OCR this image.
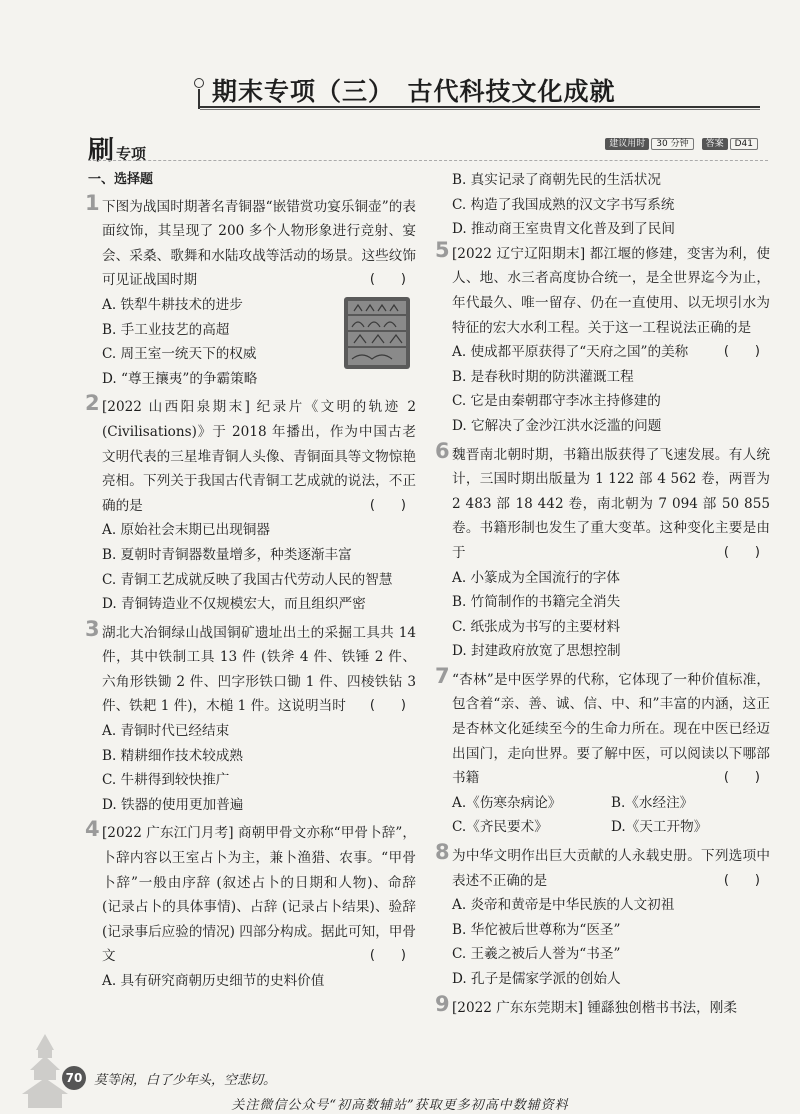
期末专项（三）　古代科技文化成就
刷专项
建议用时 30 分钟 答案 D41
一、选择题
1 下图为战国时期著名青铜器“嵌错赏功宴乐铜壶”的表面纹饰，其呈现了 200 多个人物形象进行竞射、宴会、采桑、歌舞和水陆攻战等活动的场景。这些纹饰可见证战国时期	(　　)
A. 铁犁牛耕技术的进步
B. 手工业技艺的高超
C. 周王室一统天下的权威
D. “尊王攘夷”的争霸策略
2 [2022 山西阳泉期末] 纪录片《文明的轨迹 2 (Civilisations)》于 2018 年播出，作为中国古老文明代表的三星堆青铜人头像、青铜面具等文物惊艳亮相。下列关于我国古代青铜工艺成就的说法，不正确的是	(　　)
A. 原始社会末期已出现铜器
B. 夏朝时青铜器数量增多，种类逐渐丰富
C. 青铜工艺成就反映了我国古代劳动人民的智慧
D. 青铜铸造业不仅规模宏大，而且组织严密
3 湖北大冶铜绿山战国铜矿遗址出土的采掘工具共 14 件，其中铁制工具 13 件 (铁斧 4 件、铁锤 2 件、六角形铁锄 2 件、凹字形铁口锄 1 件、四棱铁钻 3 件、铁耙 1 件)，木槌 1 件。这说明当时 (　　)
A. 青铜时代已经结束
B. 精耕细作技术较成熟
C. 牛耕得到较快推广
D. 铁器的使用更加普遍
4 [2022 广东江门月考] 商朝甲骨文亦称“甲骨卜辞”，卜辞内容以王室占卜为主，兼卜渔猎、农事。“甲骨卜辞”一般由序辞 (叙述占卜的日期和人物)、命辞 (记录占卜的具体事情)、占辞 (记录占卜结果)、验辞 (记录事后应验的情况) 四部分构成。据此可知，甲骨文	(　　)
A. 具有研究商朝历史细节的史料价值
B. 真实记录了商朝先民的生活状况
C. 构造了我国成熟的汉文字书写系统
D. 推动商王室贵胄文化普及到了民间
5 [2022 辽宁辽阳期末] 都江堰的修建，变害为利，使人、地、水三者高度协合统一，是全世界迄今为止，年代最久、唯一留存、仍在一直使用、以无坝引水为特征的宏大水利工程。关于这一工程说法正确的是
(　　)
A. 使成都平原获得了“天府之国”的美称
B. 是春秋时期的防洪灌溉工程
C. 它是由秦朝郡守李冰主持修建的
D. 它解决了金沙江洪水泛滥的问题
6 魏晋南北朝时期，书籍出版获得了飞速发展。有人统计，三国时期出版量为 1 122 部 4 562 卷，两晋为 2 483 部 18 442 卷，南北朝为 7 094 部 50 855 卷。书籍形制也发生了重大变革。这种变化主要是由于	(　　)
A. 小篆成为全国流行的字体
B. 竹简制作的书籍完全消失
C. 纸张成为书写的主要材料
D. 封建政府放宽了思想控制
7 “杏林”是中医学界的代称，它体现了一种价值标准，包含着“亲、善、诚、信、中、和”丰富的内涵，这正是杏林文化延续至今的生命力所在。现在中医已经迈出国门，走向世界。要了解中医，可以阅读以下哪部书籍	(　　)
A.《伤寒杂病论》	B.《水经注》
C.《齐民要术》	D.《天工开物》
8 为中华文明作出巨大贡献的人永载史册。下列选项中表述不正确的是	(　　)
A. 炎帝和黄帝是中华民族的人文初祖
B. 华佗被后世尊称为“医圣”
C. 王羲之被后人誉为“书圣”
D. 孔子是儒家学派的创始人
9 [2022 广东东莞期末] 锺繇独创楷书书法，刚柔
70 莫等闲，白了少年头，空悲切。
关注微信公众号“初高数辅站”获取更多初高中数辅资料
